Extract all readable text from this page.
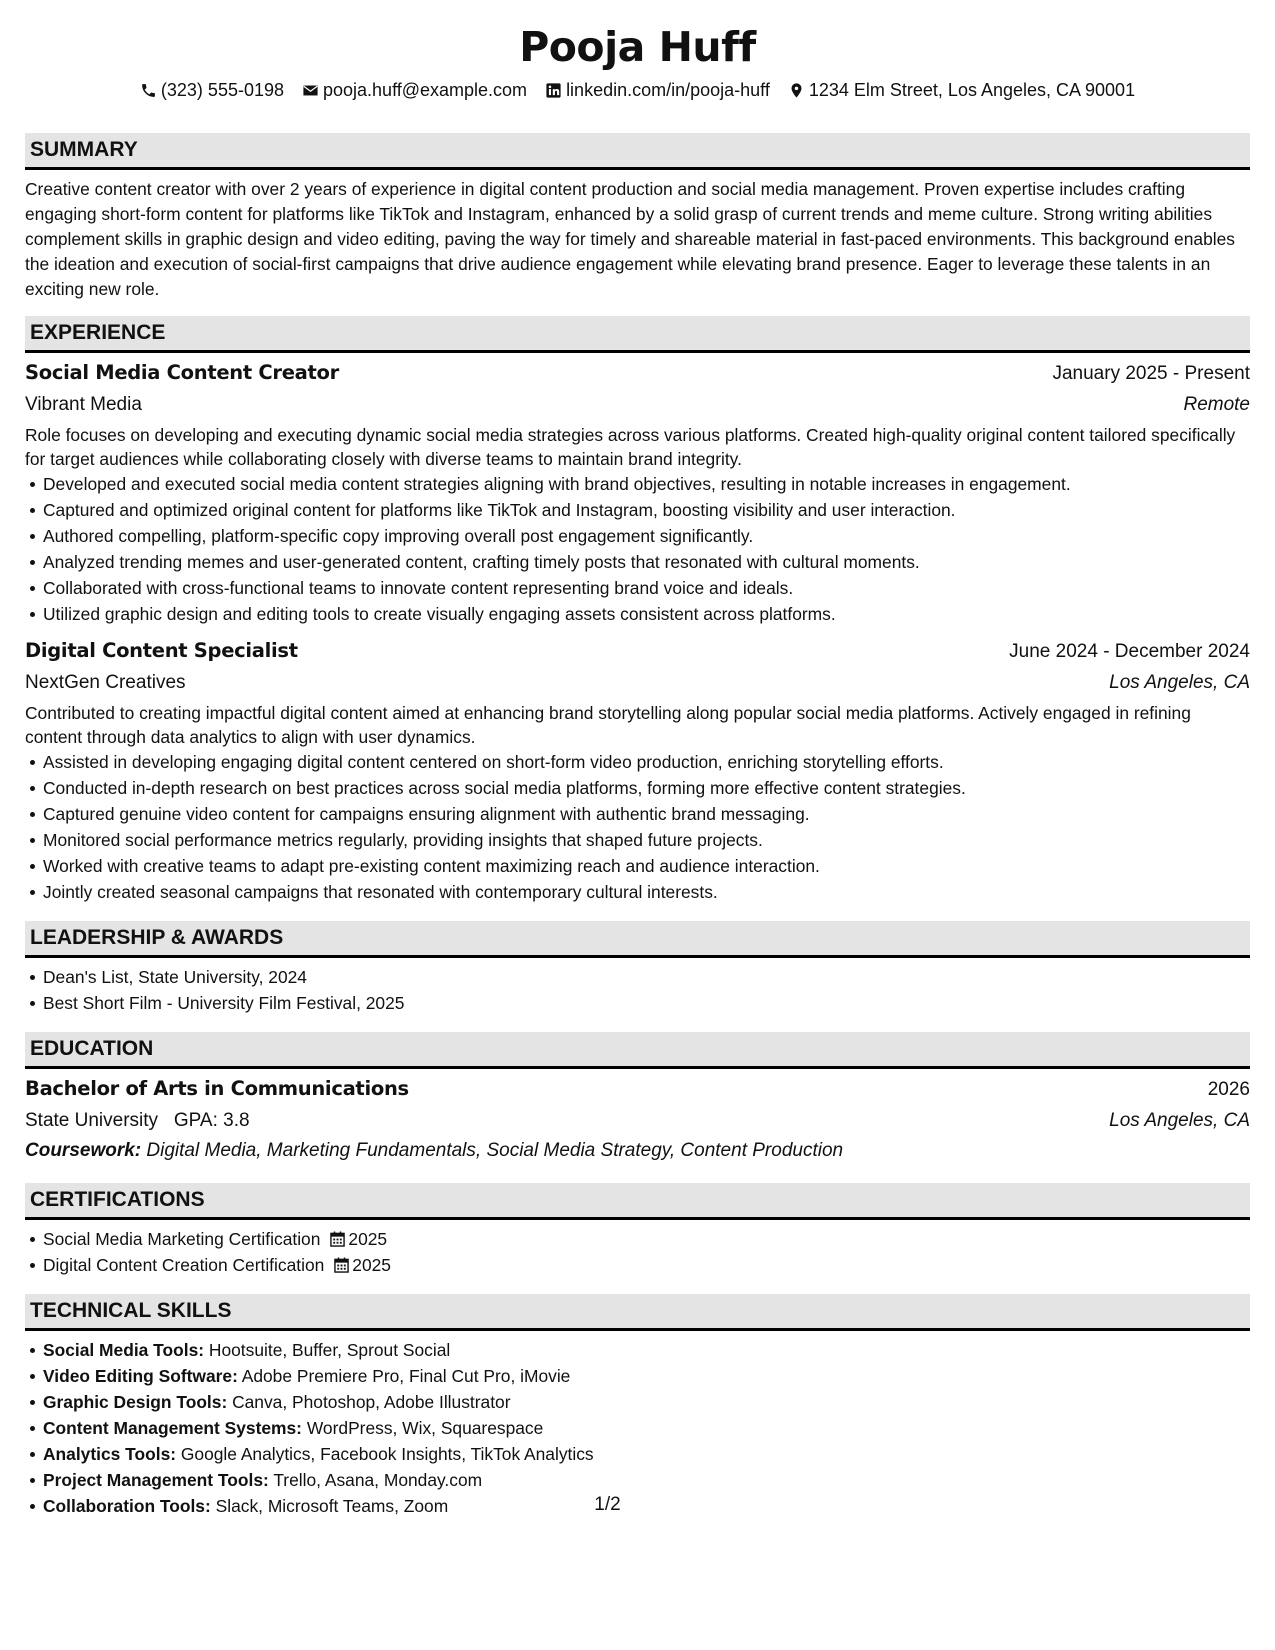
Pooja Huff
(323) 555-0198 pooja.huff@example.com linkedin.com/in/pooja-huff 1234 Elm Street, Los Angeles, CA 90001
SUMMARY

Creative content creator with over 2 years of experience in digital content production and social media management. Proven expertise includes crafting engaging short-form content for platforms like TikTok and Instagram, enhanced by a solid grasp of current trends and meme culture. Strong writing abilities complement skills in graphic design and video editing, paving the way for timely and shareable material in fast-paced environments. This background enables the ideation and execution of social-first campaigns that drive audience engagement while elevating brand presence. Eager to leverage these talents in an exciting new role.

EXPERIENCE
Social Media Content Creator	January 2025 - Present
Vibrant Media	Remote

Role focuses on developing and executing dynamic social media strategies across various platforms. Created high-quality original content tailored specifically for target audiences while collaborating closely with diverse teams to maintain brand integrity.

Developed and executed social media content strategies aligning with brand objectives, resulting in notable increases in engagement.
Captured and optimized original content for platforms like TikTok and Instagram, boosting visibility and user interaction.
Authored compelling, platform-specific copy improving overall post engagement significantly.
Analyzed trending memes and user-generated content, crafting timely posts that resonated with cultural moments.
Collaborated with cross-functional teams to innovate content representing brand voice and ideals.
Utilized graphic design and editing tools to create visually engaging assets consistent across platforms.
Digital Content Specialist	June 2024 - December 2024
NextGen Creatives	Los Angeles, CA

Contributed to creating impactful digital content aimed at enhancing brand storytelling along popular social media platforms. Actively engaged in refining content through data analytics to align with user dynamics.

Assisted in developing engaging digital content centered on short-form video production, enriching storytelling efforts.
Conducted in-depth research on best practices across social media platforms, forming more effective content strategies.
Captured genuine video content for campaigns ensuring alignment with authentic brand messaging.
Monitored social performance metrics regularly, providing insights that shaped future projects.
Worked with creative teams to adapt pre-existing content maximizing reach and audience interaction.
Jointly created seasonal campaigns that resonated with contemporary cultural interests.
LEADERSHIP & AWARDS
Dean's List, State University, 2024
Best Short Film - University Film Festival, 2025
EDUCATION
Bachelor of Arts in Communications	2026
State University GPA: 3.8	Los Angeles, CA
Coursework: Digital Media, Marketing Fundamentals, Social Media Strategy, Content Production
CERTIFICATIONS
Social Media Marketing Certification 2025
Digital Content Creation Certification 2025
TECHNICAL SKILLS
Social Media Tools: Hootsuite, Buffer, Sprout Social
Video Editing Software: Adobe Premiere Pro, Final Cut Pro, iMovie
Graphic Design Tools: Canva, Photoshop, Adobe Illustrator
Content Management Systems: WordPress, Wix, Squarespace
Analytics Tools: Google Analytics, Facebook Insights, TikTok Analytics
Project Management Tools: Trello, Asana, Monday.com
Collaboration Tools: Slack, Microsoft Teams, Zoom	1/2
